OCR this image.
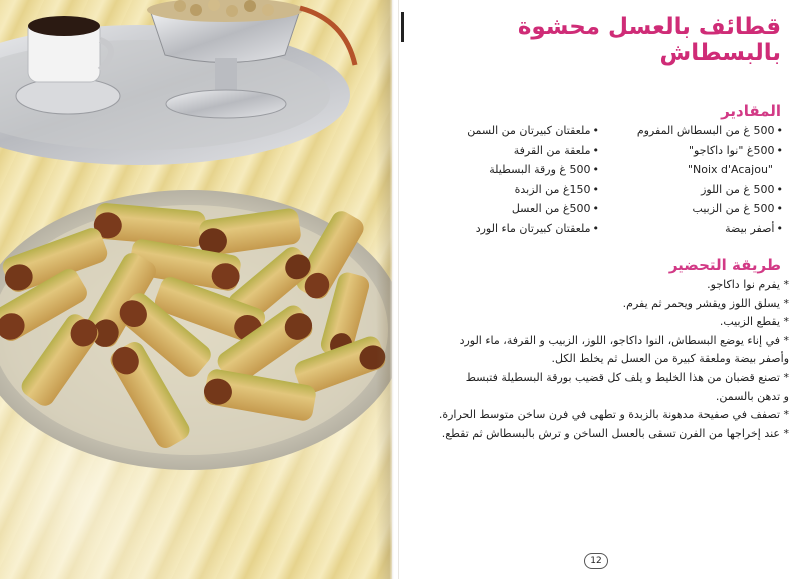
قطائف بالعسل محشوة بالبسطاش
المقادير
•500 غ من البسطاش المفروم
•500غ "نوا داكاجو"
"Noix d'Acajou"
•500 غ من اللوز
•500 غ من الزبيب
•أصفر بيضة
•ملعقتان كبيرتان من السمن
•ملعقة من القرفة
•500 غ ورقة البسطيلة
•150غ من الزبدة
•500غ من العسل
•ملعقتان كبيرتان ماء الورد
طريقة التحضير
* يفرم نوا داكاجو.
* يسلق اللوز ويقشر ويحمر ثم يفرم.
* يقطع الزبيب.
* في إناء يوضع البسطاش، النوا داكاجو، اللوز، الزبيب و القرفة، ماء الورد
وأصفر بيضة وملعقة كبيرة من العسل ثم يخلط الكل.
* تصنع قضبان من هذا الخليط و يلف كل قضيب بورقة البسطيلة فتبسط
و تدهن بالسمن.
* تصفف في صفيحة مدهونة بالزبدة و تطهى في فرن ساخن متوسط الحرارة.
* عند إخراجها من الفرن تسقى بالعسل الساخن و ترش بالبسطاش ثم تقطع.
12
